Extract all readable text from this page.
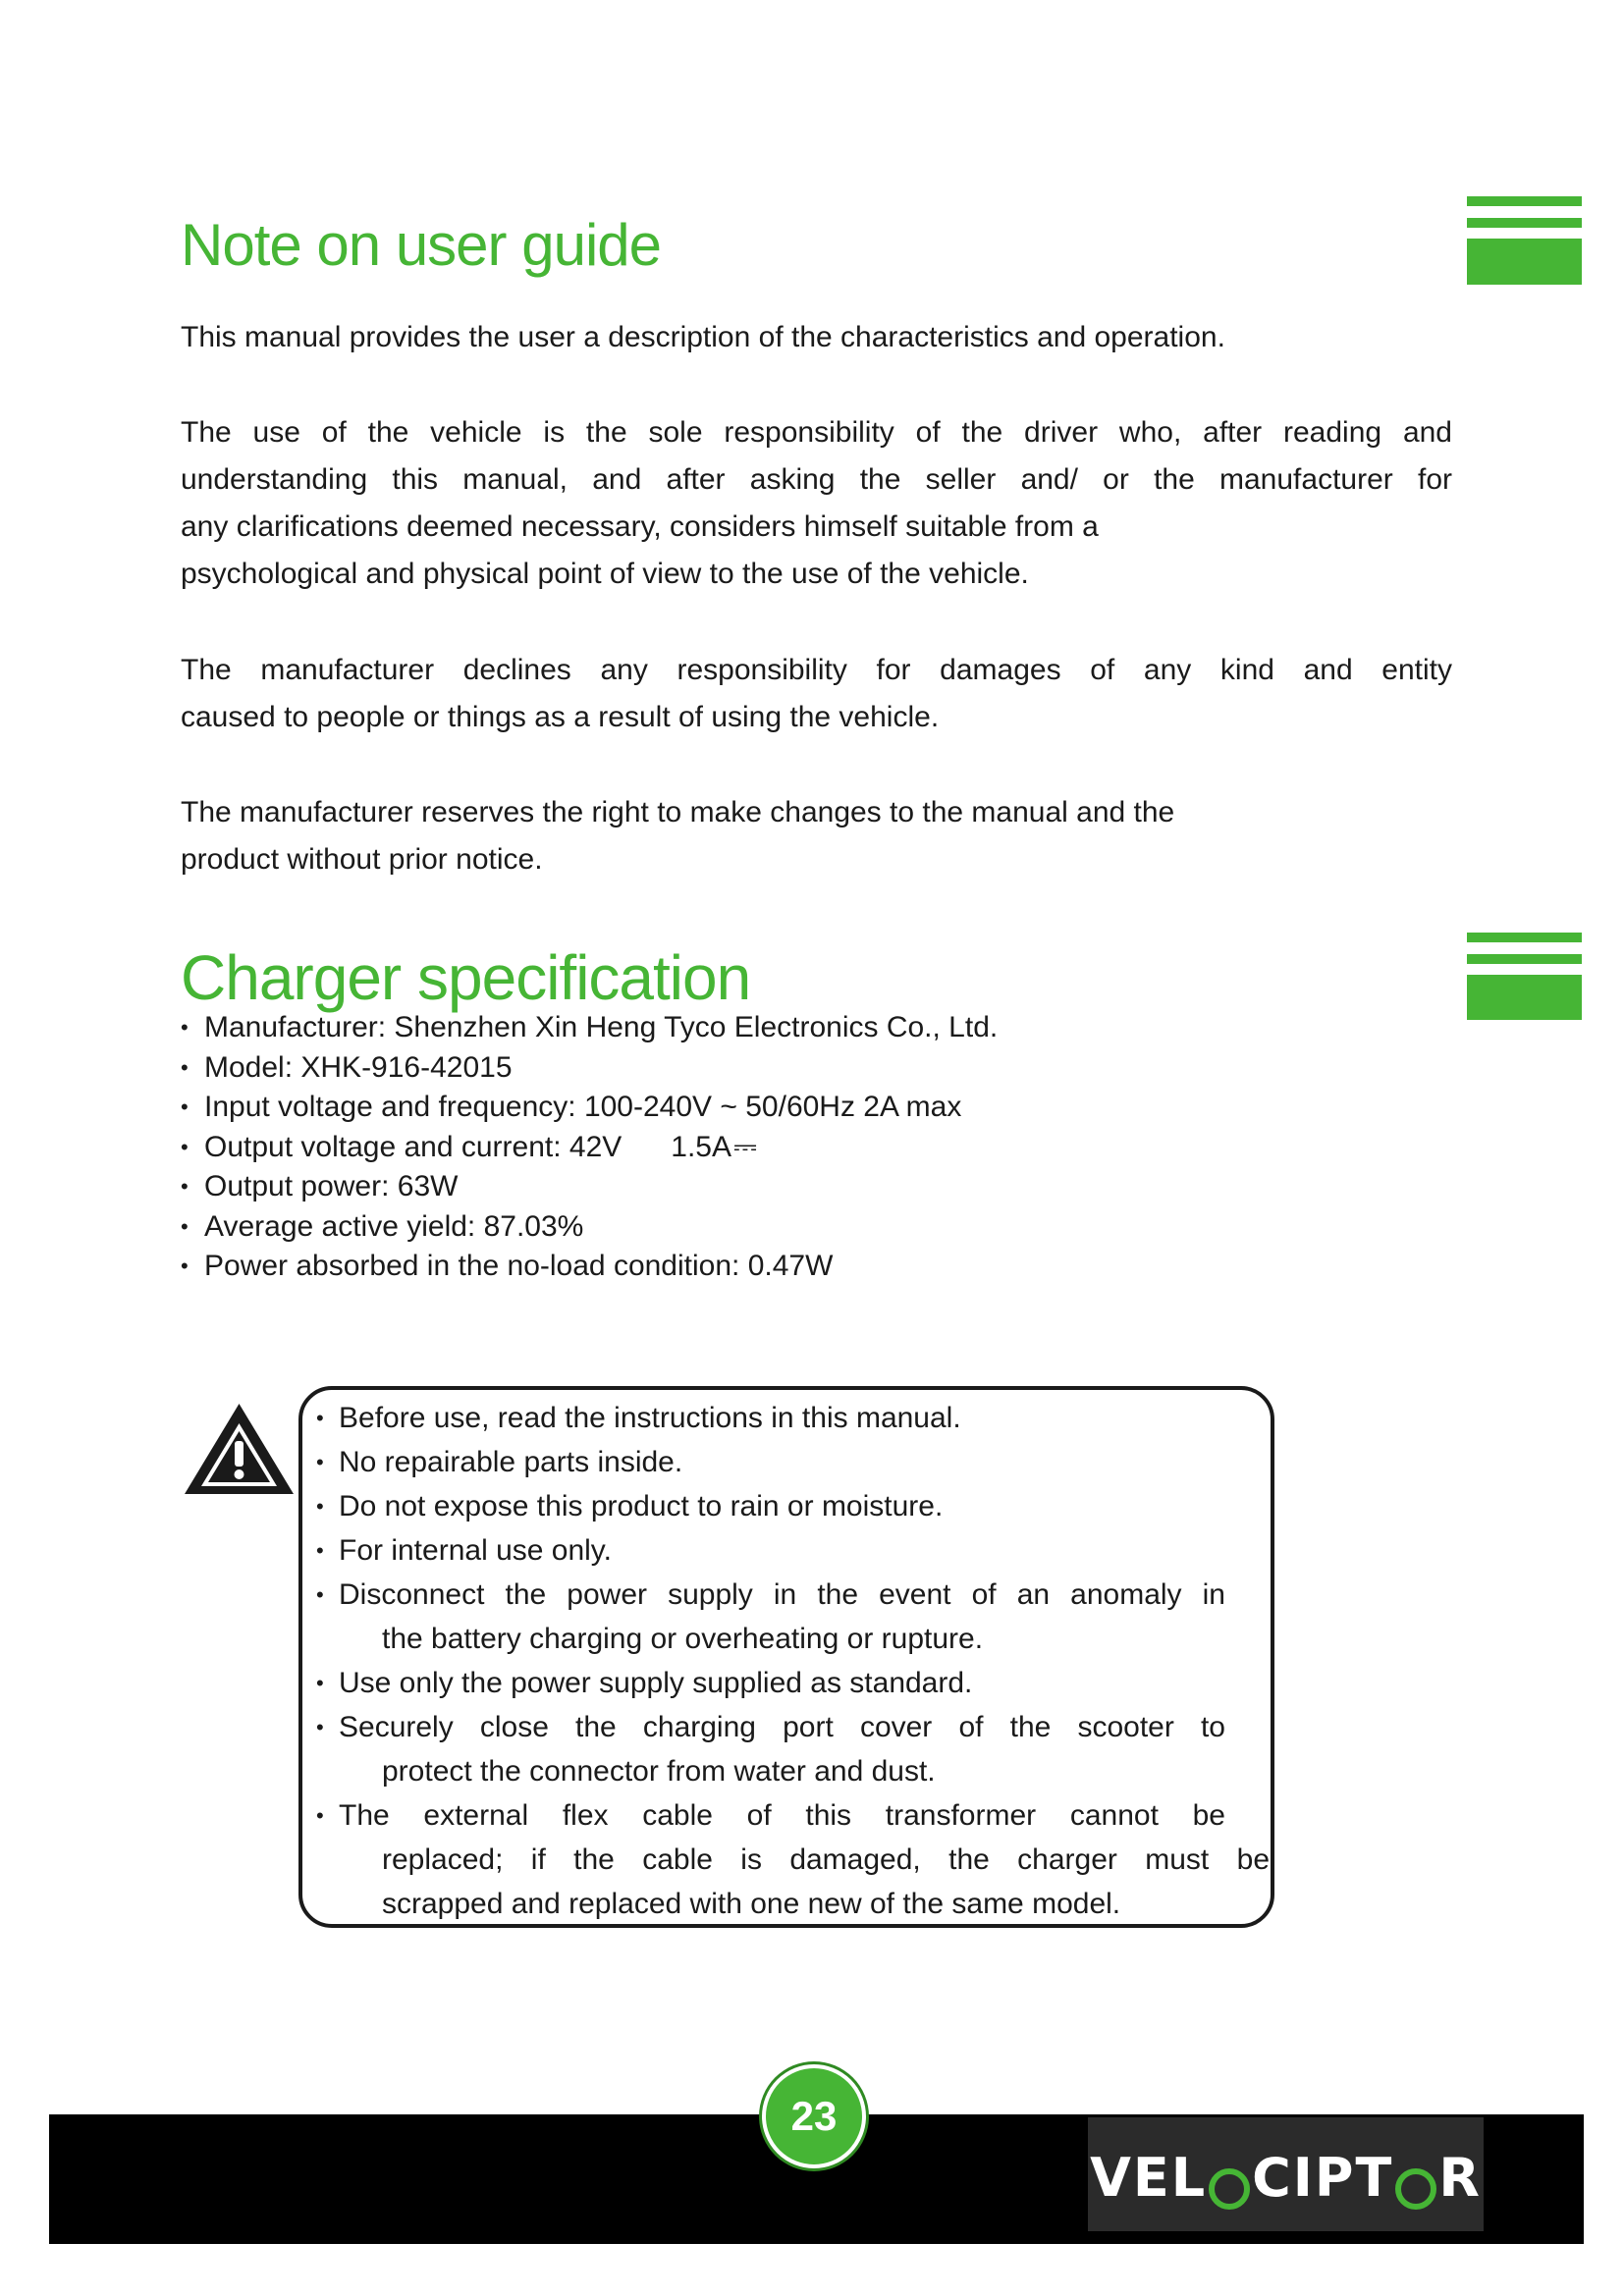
Note on user guide

This manual provides the user a description of the characteristics and operation.

The use of the vehicle is the sole responsibility of the driver who, after reading and
understanding this manual, and after asking the seller and/ or the manufacturer for
any clarifications deemed necessary, considers himself suitable from a
psychological and physical point of view to the use of the vehicle.
The manufacturer declines any responsibility for damages of any kind and entity
caused to people or things as a result of using the vehicle.
The manufacturer reserves the right to make changes to the manual and the
product without prior notice.
Charger specification
• Manufacturer: Shenzhen Xin Heng Tyco Electronics Co., Ltd.
• Model: XHK-916-42015
• Input voltage and frequency: 100-240V ~ 50/60Hz 2A max
• Output voltage and current: 42V      1.5A⎓
• Output power: 63W
• Average active yield: 87.03%
• Power absorbed in the no-load condition: 0.47W
• Before use, read the instructions in this manual.
• No repairable parts inside.
• Do not expose this product to rain or moisture.
• For internal use only.
• Disconnect the power supply in the event of an anomaly in
the battery charging or overheating or rupture.
• Use only the power supply supplied as standard.
• Securely close the charging port cover of the scooter to
protect the connector from water and dust.
• The external flex cable of this transformer cannot be
replaced; if the cable is damaged, the charger must be
scrapped and replaced with one new of the same model.
23
VEL CIPT R
